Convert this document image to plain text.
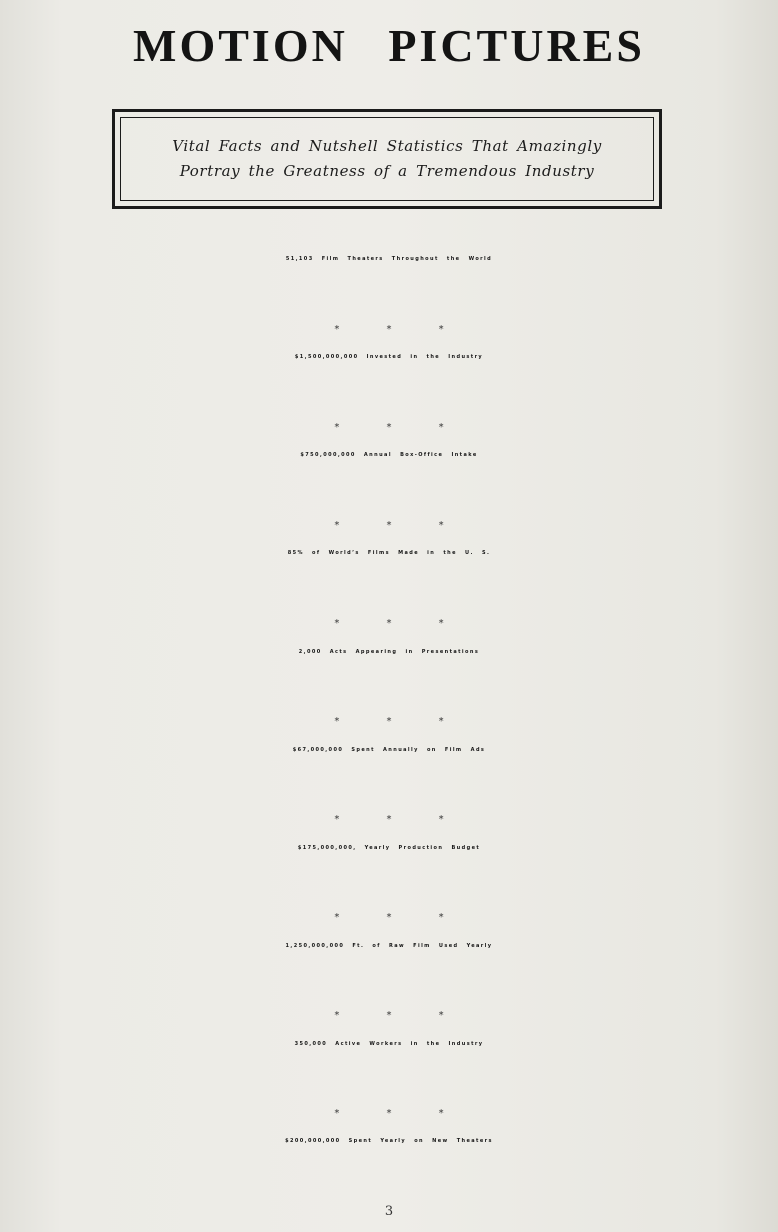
MOTION PICTURES
Vital Facts and Nutshell Statistics That Amazingly
Portray the Greatness of a Tremendous Industry
51,103 Film Theaters Throughout the World
* * *
$1,500,000,000 Invested in the Industry
* * *
$750,000,000 Annual Box-Office Intake
* * *
85% of World’s Films Made in the U. S.
* * *
2,000 Acts Appearing in Presentations
* * *
$67,000,000 Spent Annually on Film Ads
* * *
$175,000,000, Yearly Production Budget
* * *
1,250,000,000 Ft. of Raw Film Used Yearly
* * *
350,000 Active Workers in the Industry
* * *
$200,000,000 Spent Yearly on New Theaters
3
